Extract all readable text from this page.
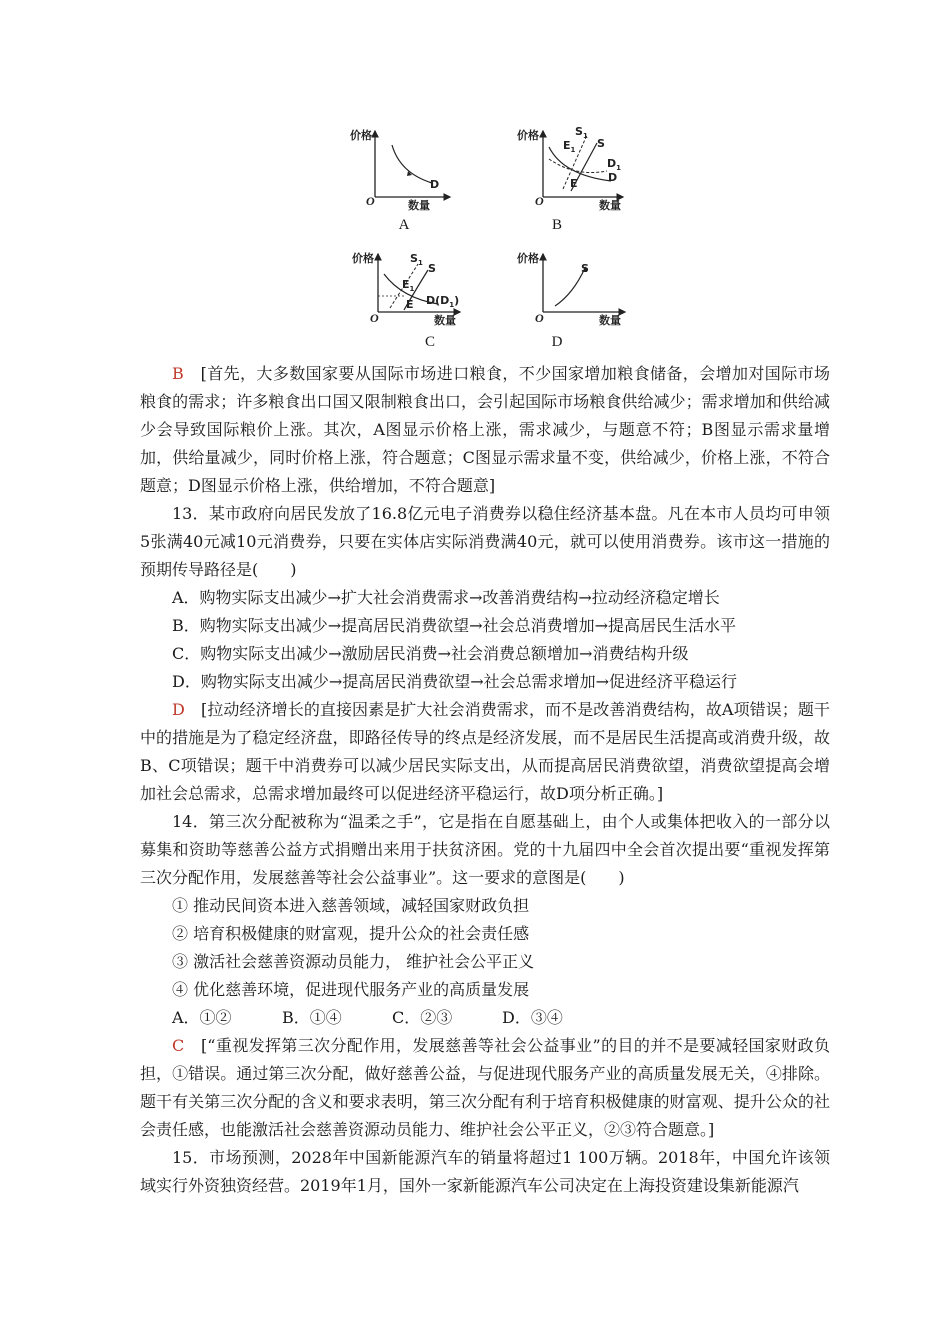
价格
O
D
数量
A
价格
O
$S_1$
$E_1$ S
E	D
$D_1$
数量
B
价格
O
$S_1$ S
$E_1$
E $D(D_1)$
数量
C
价格
O
S
数量
D

B　 [首先，大多数国家要从国际市场进口粮食，不少国家增加粮食储备，会增加对国际市场粮食的需求；许多粮食出口国又限制粮食出口，会引起国际市场粮食供给减少；需求增加和供给减少会导致国际粮价上涨。其次，A图显示价格上涨，需求减少，与题意不符；B图显示需求量增加，供给量减少，同时价格上涨，符合题意；C图显示需求量不变，供给减少，价格上涨，不符合题意；D图显示价格上涨，供给增加，不符合题意]

13．某市政府向居民发放了16.8亿元电子消费券以稳住经济基本盘。凡在本市人员均可申领5张满40元减10元消费券，只要在实体店实际消费满40元，就可以使用消费券。该市这一措施的预期传导路径是(　　)

A．购物实际支出减少→扩大社会消费需求→改善消费结构→拉动经济稳定增长

B．购物实际支出减少→提高居民消费欲望→社会总消费增加→提高居民生活水平

C．购物实际支出减少→激励居民消费→社会消费总额增加→消费结构升级

D．购物实际支出减少→提高居民消费欲望→社会总需求增加→促进经济平稳运行

D　 [拉动经济增长的直接因素是扩大社会消费需求，而不是改善消费结构，故A项错误；题干中的措施是为了稳定经济盘，即路径传导的终点是经济发展，而不是居民生活提高或消费升级，故B、C项错误；题干中消费券可以减少居民实际支出，从而提高居民消费欲望，消费欲望提高会增加社会总需求，总需求增加最终可以促进经济平稳运行，故D项分析正确。]

14．第三次分配被称为“温柔之手”，它是指在自愿基础上，由个人或集体把收入的一部分以募集和资助等慈善公益方式捐赠出来用于扶贫济困。党的十九届四中全会首次提出要“重视发挥第三次分配作用，发展慈善等社会公益事业”。这一要求的意图是(　　)

① 推动民间资本进入慈善领域，减轻国家财政负担

② 培育积极健康的财富观，提升公众的社会责任感

③ 激活社会慈善资源动员能力， 维护社会公平正义

④ 优化慈善环境，促进现代服务产业的高质量发展

A．①②	B．①④	C．②③	D．③④

C　 [“重视发挥第三次分配作用，发展慈善等社会公益事业”的目的并不是要减轻国家财政负担，①错误。通过第三次分配，做好慈善公益，与促进现代服务产业的高质量发展无关，④排除。题干有关第三次分配的含义和要求表明，第三次分配有利于培育积极健康的财富观、提升公众的社会责任感，也能激活社会慈善资源动员能力、维护社会公平正义，②③符合题意。]

15．市场预测，2028年中国新能源汽车的销量将超过1 100万辆。2018年，中国允许该领域实行外资独资经营。2019年1月，国外一家新能源汽车公司决定在上海投资建设集新能源汽
